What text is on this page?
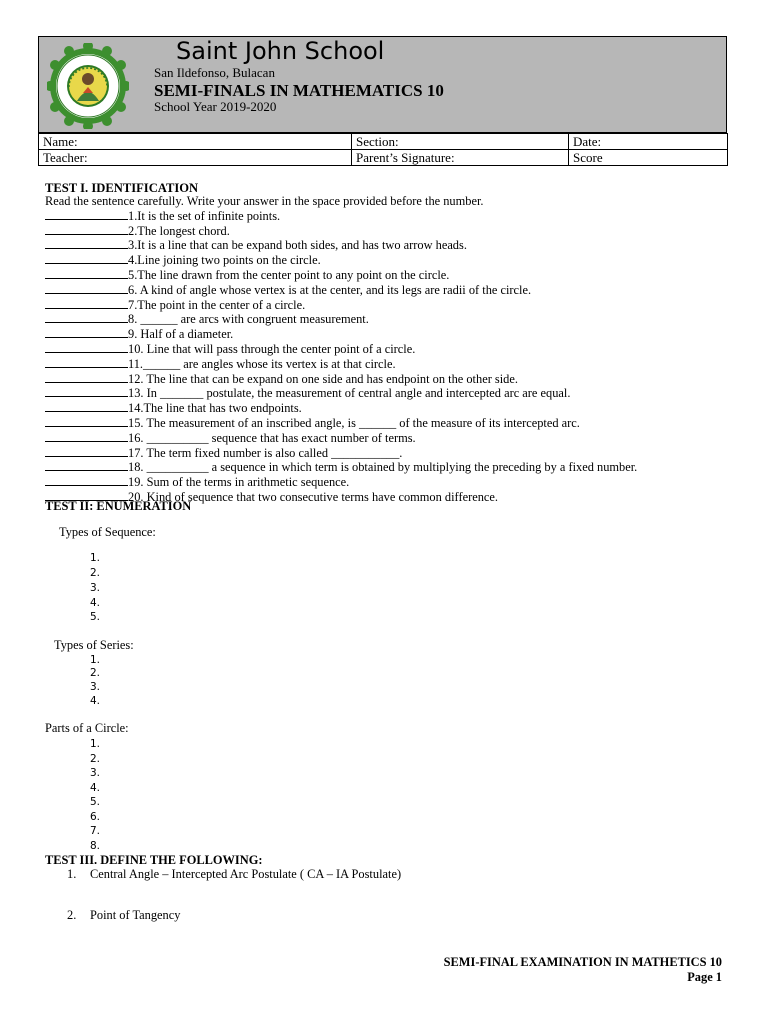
Saint John School
San Ildefonso, Bulacan
SEMI-FINALS IN MATHEMATICS 10
School Year 2019-2020
Name:	Section:	Date:
Teacher:	Parent’s Signature:	Score
TEST I. IDENTIFICATION
Read the sentence carefully. Write your answer in the space provided before the number.
1.It is the set of infinite points.
2.The longest chord.
3.It is a line that can be expand both sides, and has two arrow heads.
4.Line joining two points on the circle.
5.The line drawn from the center point to any point on the circle.
6. A kind of angle whose vertex is at the center, and its legs are radii of the circle.
7.The point in the center of a circle.
8. ______ are arcs with congruent measurement.
9. Half of a diameter.
10. Line that will pass through the center point of a circle.
11.______ are angles whose its vertex is at that circle.
12. The line that can be expand on one side and has endpoint on the other side.
13. In _______ postulate, the measurement of central angle and intercepted arc are equal.
14.The line that has two endpoints.
15. The measurement of an inscribed angle, is ______ of the measure of its intercepted arc.
16. __________ sequence that has exact number of terms.
17. The term fixed number is also called ___________.
18. __________ a sequence in which term is obtained by multiplying the preceding by a fixed number.
19. Sum of the terms in arithmetic sequence.
20. Kind of sequence that two consecutive terms have common difference.
TEST II: ENUMERATION
Types of Sequence:
1.
2.
3.
4.
5.
Types of Series:
1.
2.
3.
4.
Parts of a Circle:
1.
2.
3.
4.
5.
6.
7.
8.
TEST III. DEFINE THE FOLLOWING:
1. Central Angle – Intercepted Arc Postulate ( CA – IA Postulate)
2. Point of Tangency
SEMI-FINAL EXAMINATION IN MATHETICS 10
Page 1
